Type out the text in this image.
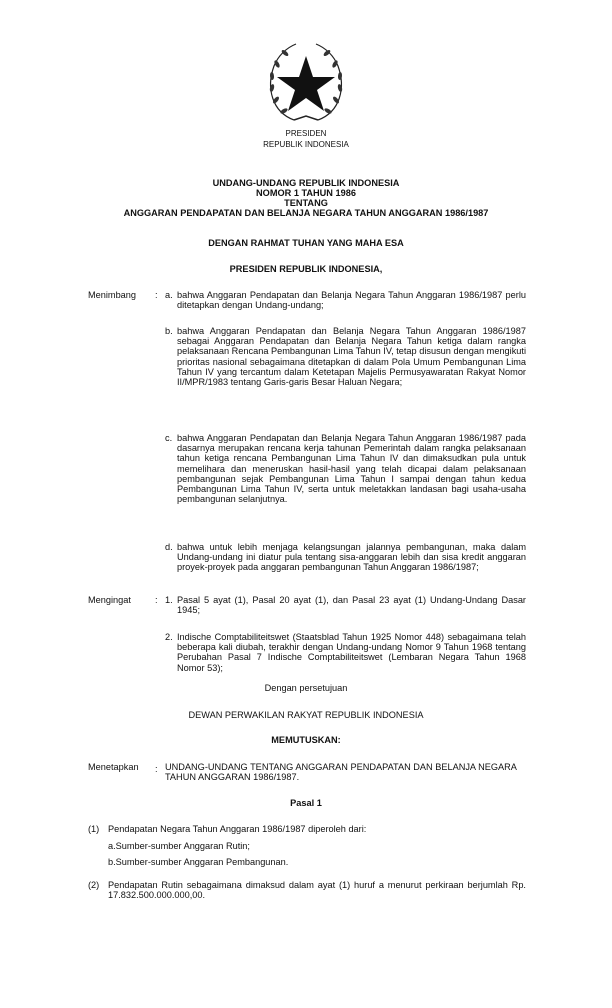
PRESIDEN
REPUBLIK INDONESIA
UNDANG-UNDANG REPUBLIK INDONESIA
NOMOR 1 TAHUN 1986
TENTANG
ANGGARAN PENDAPATAN DAN BELANJA NEGARA TAHUN ANGGARAN 1986/1987
DENGAN RAHMAT TUHAN YANG MAHA ESA
PRESIDEN REPUBLIK INDONESIA,
Menimbang : a. bahwa Anggaran Pendapatan dan Belanja Negara Tahun Anggaran 1986/1987 perlu ditetapkan dengan Undang-undang;
b. bahwa Anggaran Pendapatan dan Belanja Negara Tahun Anggaran 1986/1987 sebagai Anggaran Pendapatan dan Belanja Negara Tahun ketiga dalam rangka pelaksanaan Rencana Pembangunan Lima Tahun IV, tetap disusun dengan mengikuti prioritas nasional sebagaimana ditetapkan di dalam Pola Umum Pembangunan Lima Tahun IV yang tercantum dalam Ketetapan Majelis Permusyawaratan Rakyat Nomor II/MPR/1983 tentang Garis-garis Besar Haluan Negara;
c. bahwa Anggaran Pendapatan dan Belanja Negara Tahun Anggaran 1986/1987 pada dasarnya merupakan rencana kerja tahunan Pemerintah dalam rangka pelaksanaan tahun ketiga rencana Pembangunan Lima Tahun IV dan dimaksudkan pula untuk memelihara dan meneruskan hasil-hasil yang telah dicapai dalam pelaksanaan pembangunan sejak Pembangunan Lima Tahun I sampai dengan tahun kedua Pembangunan Lima Tahun IV, serta untuk meletakkan landasan bagi usaha-usaha pembangunan selanjutnya.
d. bahwa untuk lebih menjaga kelangsungan jalannya pembangunan, maka dalam Undang-undang ini diatur pula tentang sisa-anggaran lebih dan sisa kredit anggaran proyek-proyek pada anggaran pembangunan Tahun Anggaran 1986/1987;
Mengingat	: 1. Pasal 5 ayat (1), Pasal 20 ayat (1), dan Pasal 23 ayat (1) Undang-Undang Dasar 1945;
2. Indische Comptabiliteitswet (Staatsblad Tahun 1925 Nomor 448) sebagaimana telah beberapa kali diubah, terakhir dengan Undang-undang Nomor 9 Tahun 1968 tentang Perubahan Pasal 7 Indische Comptabiliteitswet (Lembaran Negara Tahun 1968 Nomor 53);
Dengan persetujuan
DEWAN PERWAKILAN RAKYAT REPUBLIK INDONESIA
MEMUTUSKAN:
Menetapkan : UNDANG-UNDANG TENTANG ANGGARAN PENDAPATAN DAN BELANJA NEGARA TAHUN ANGGARAN 1986/1987.
Pasal 1
(1) Pendapatan Negara Tahun Anggaran 1986/1987 diperoleh dari:
a.Sumber-sumber Anggaran Rutin;
b.Sumber-sumber Anggaran Pembangunan.
(2) Pendapatan Rutin sebagaimana dimaksud dalam ayat (1) huruf a menurut perkiraan berjumlah Rp. 17.832.500.000.000,00.
